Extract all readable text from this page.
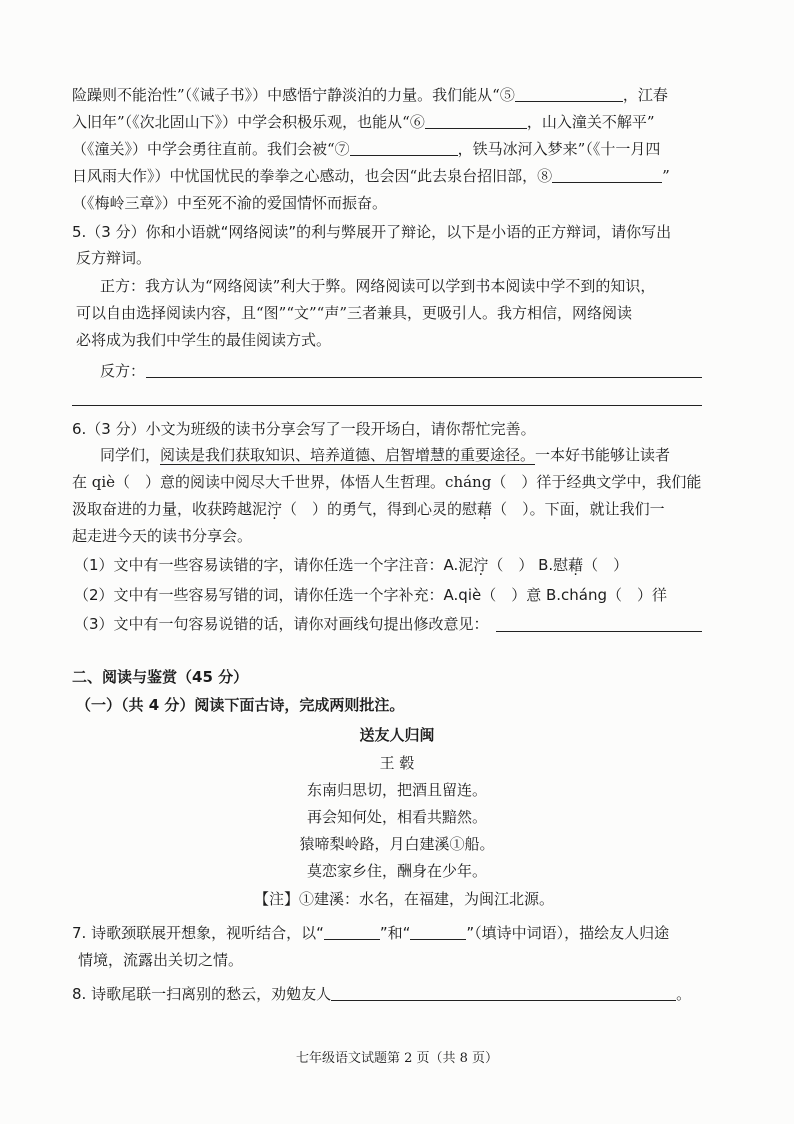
险躁则不能治性”（《诫子书》）中感悟宁静淡泊的力量。我们能从“⑤	，江春
入旧年”（《次北固山下》）中学会积极乐观，也能从“⑥	，山入潼关不解平”
（《潼关》）中学会勇往直前。我们会被“⑦	，铁马冰河入梦来”（《十一月四
日风雨大作》）中忧国忧民的拳拳之心感动，也会因“此去泉台招旧部，⑧	”
（《梅岭三章》）中至死不渝的爱国情怀而振奋。
5.（3 分）你和小语就“网络阅读”的利与弊展开了辩论，以下是小语的正方辩词，请你写出
反方辩词。
正方：我方认为“网络阅读”利大于弊。网络阅读可以学到书本阅读中学不到的知识，
可以自由选择阅读内容，且“图”“文”“声”三者兼具，更吸引人。我方相信，网络阅读
必将成为我们中学生的最佳阅读方式。
反方：
6.（3 分）小文为班级的读书分享会写了一段开场白，请你帮忙完善。
同学们，阅读是我们获取知识、培养道德、启智增慧的重要途径。一本好书能够让读者
在 qiè（　）意的阅读中阅尽大千世界，体悟人生哲理。cháng（　）徉于经典文学中，我们能
汲取奋进的力量，收获跨越泥泞（　）的勇气，得到心灵的慰藉（　）。下面，就让我们一
起走进今天的读书分享会。
（1）文中有一些容易读错的字，请你任选一个字注音：A.泥泞（　） B.慰藉（　）
（2）文中有一些容易写错的词，请你任选一个字补充：A.qiè（　）意 B.cháng（　）徉
（3）文中有一句容易说错的话，请你对画线句提出修改意见：
二、阅读与鉴赏（45 分）
（一）（共 4 分）阅读下面古诗，完成两则批注。
送友人归闽
王 毂
东南归思切，把酒且留连。
再会知何处，相看共黯然。
猿啼梨岭路，月白建溪①船。
莫恋家乡住，酬身在少年。
【注】①建溪：水名，在福建，为闽江北源。
7. 诗歌颈联展开想象，视听结合，以“	”和“	”（填诗中词语），描绘友人归途
情境，流露出关切之情。
8. 诗歌尾联一扫离别的愁云，劝勉友人	。
七年级语文试题第 2 页（共 8 页）
